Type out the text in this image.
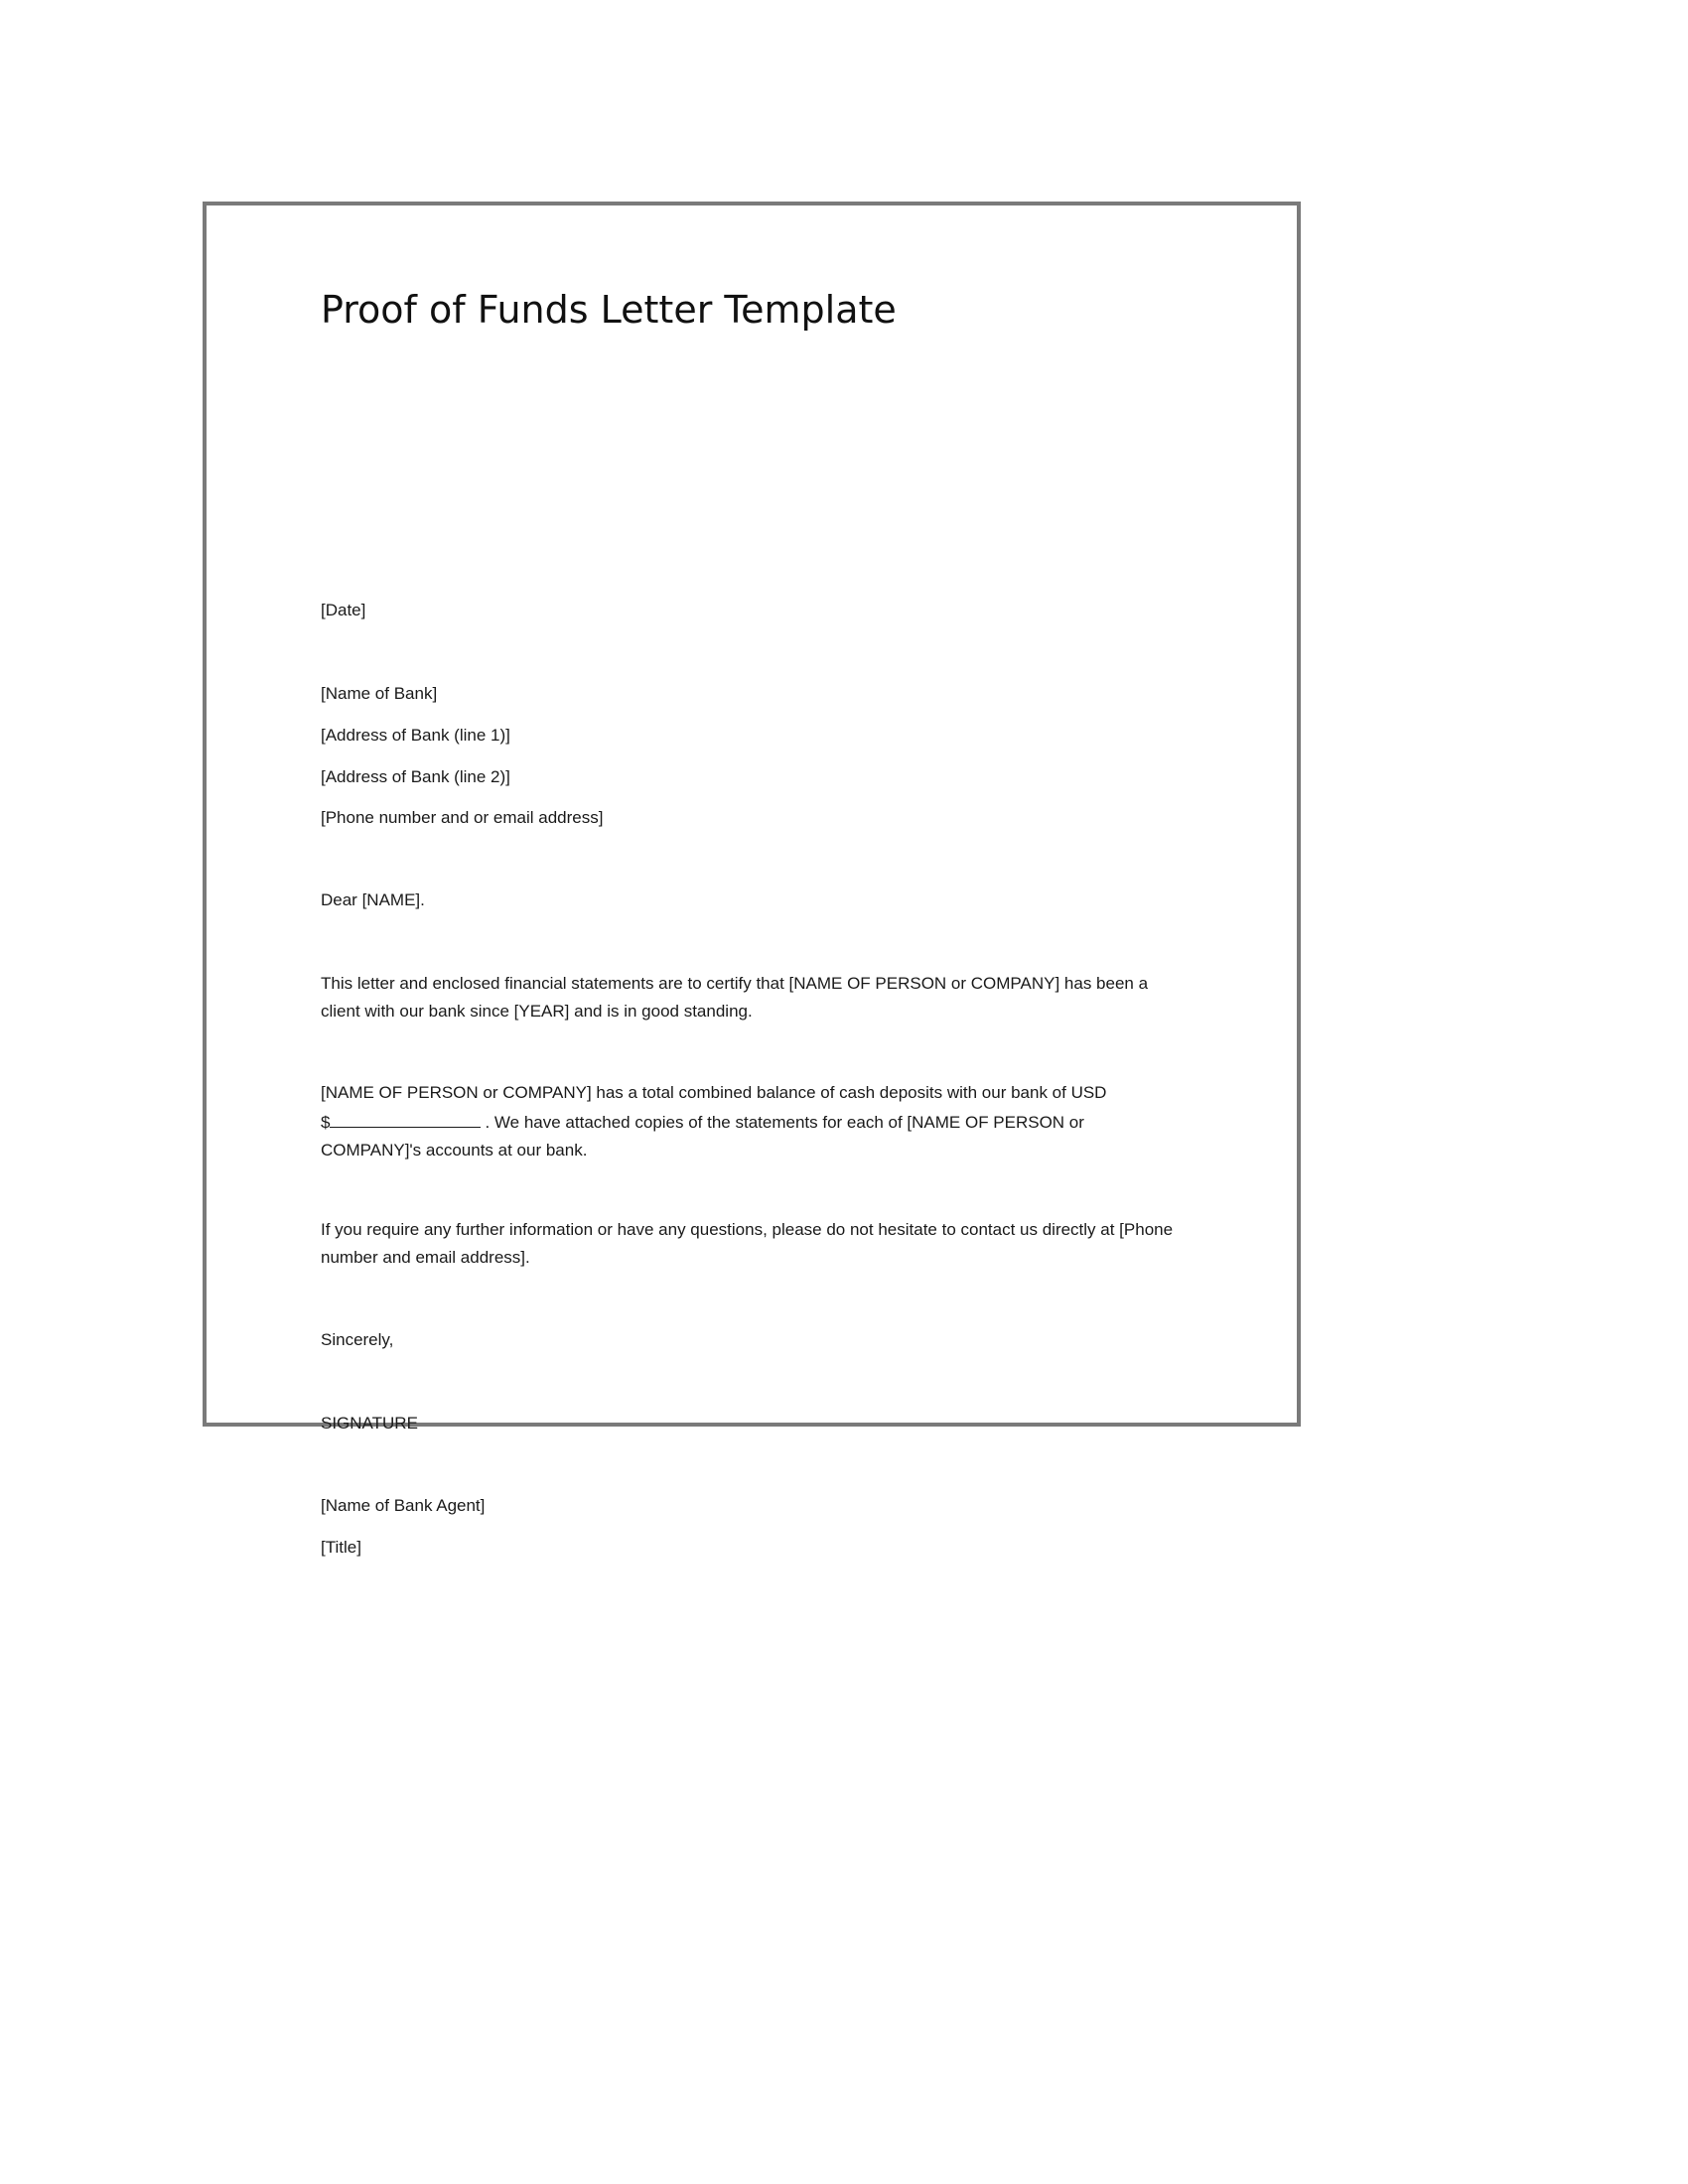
Proof of Funds Letter Template

[Date]

[Name of Bank]

[Address of Bank (line 1)]

[Address of Bank (line 2)]

[Phone number and or email address]

Dear [NAME].

This letter and enclosed financial statements are to certify that [NAME OF PERSON or COMPANY] has been a client with our bank since [YEAR] and is in good standing.

[NAME OF PERSON or COMPANY] has a total combined balance of cash deposits with our bank of USD
$	. We have attached copies of the statements for each of [NAME OF PERSON or
COMPANY]'s accounts at our bank.

If you require any further information or have any questions, please do not hesitate to contact us directly at [Phone number and email address].

Sincerely,

SIGNATURE

[Name of Bank Agent]

[Title]
